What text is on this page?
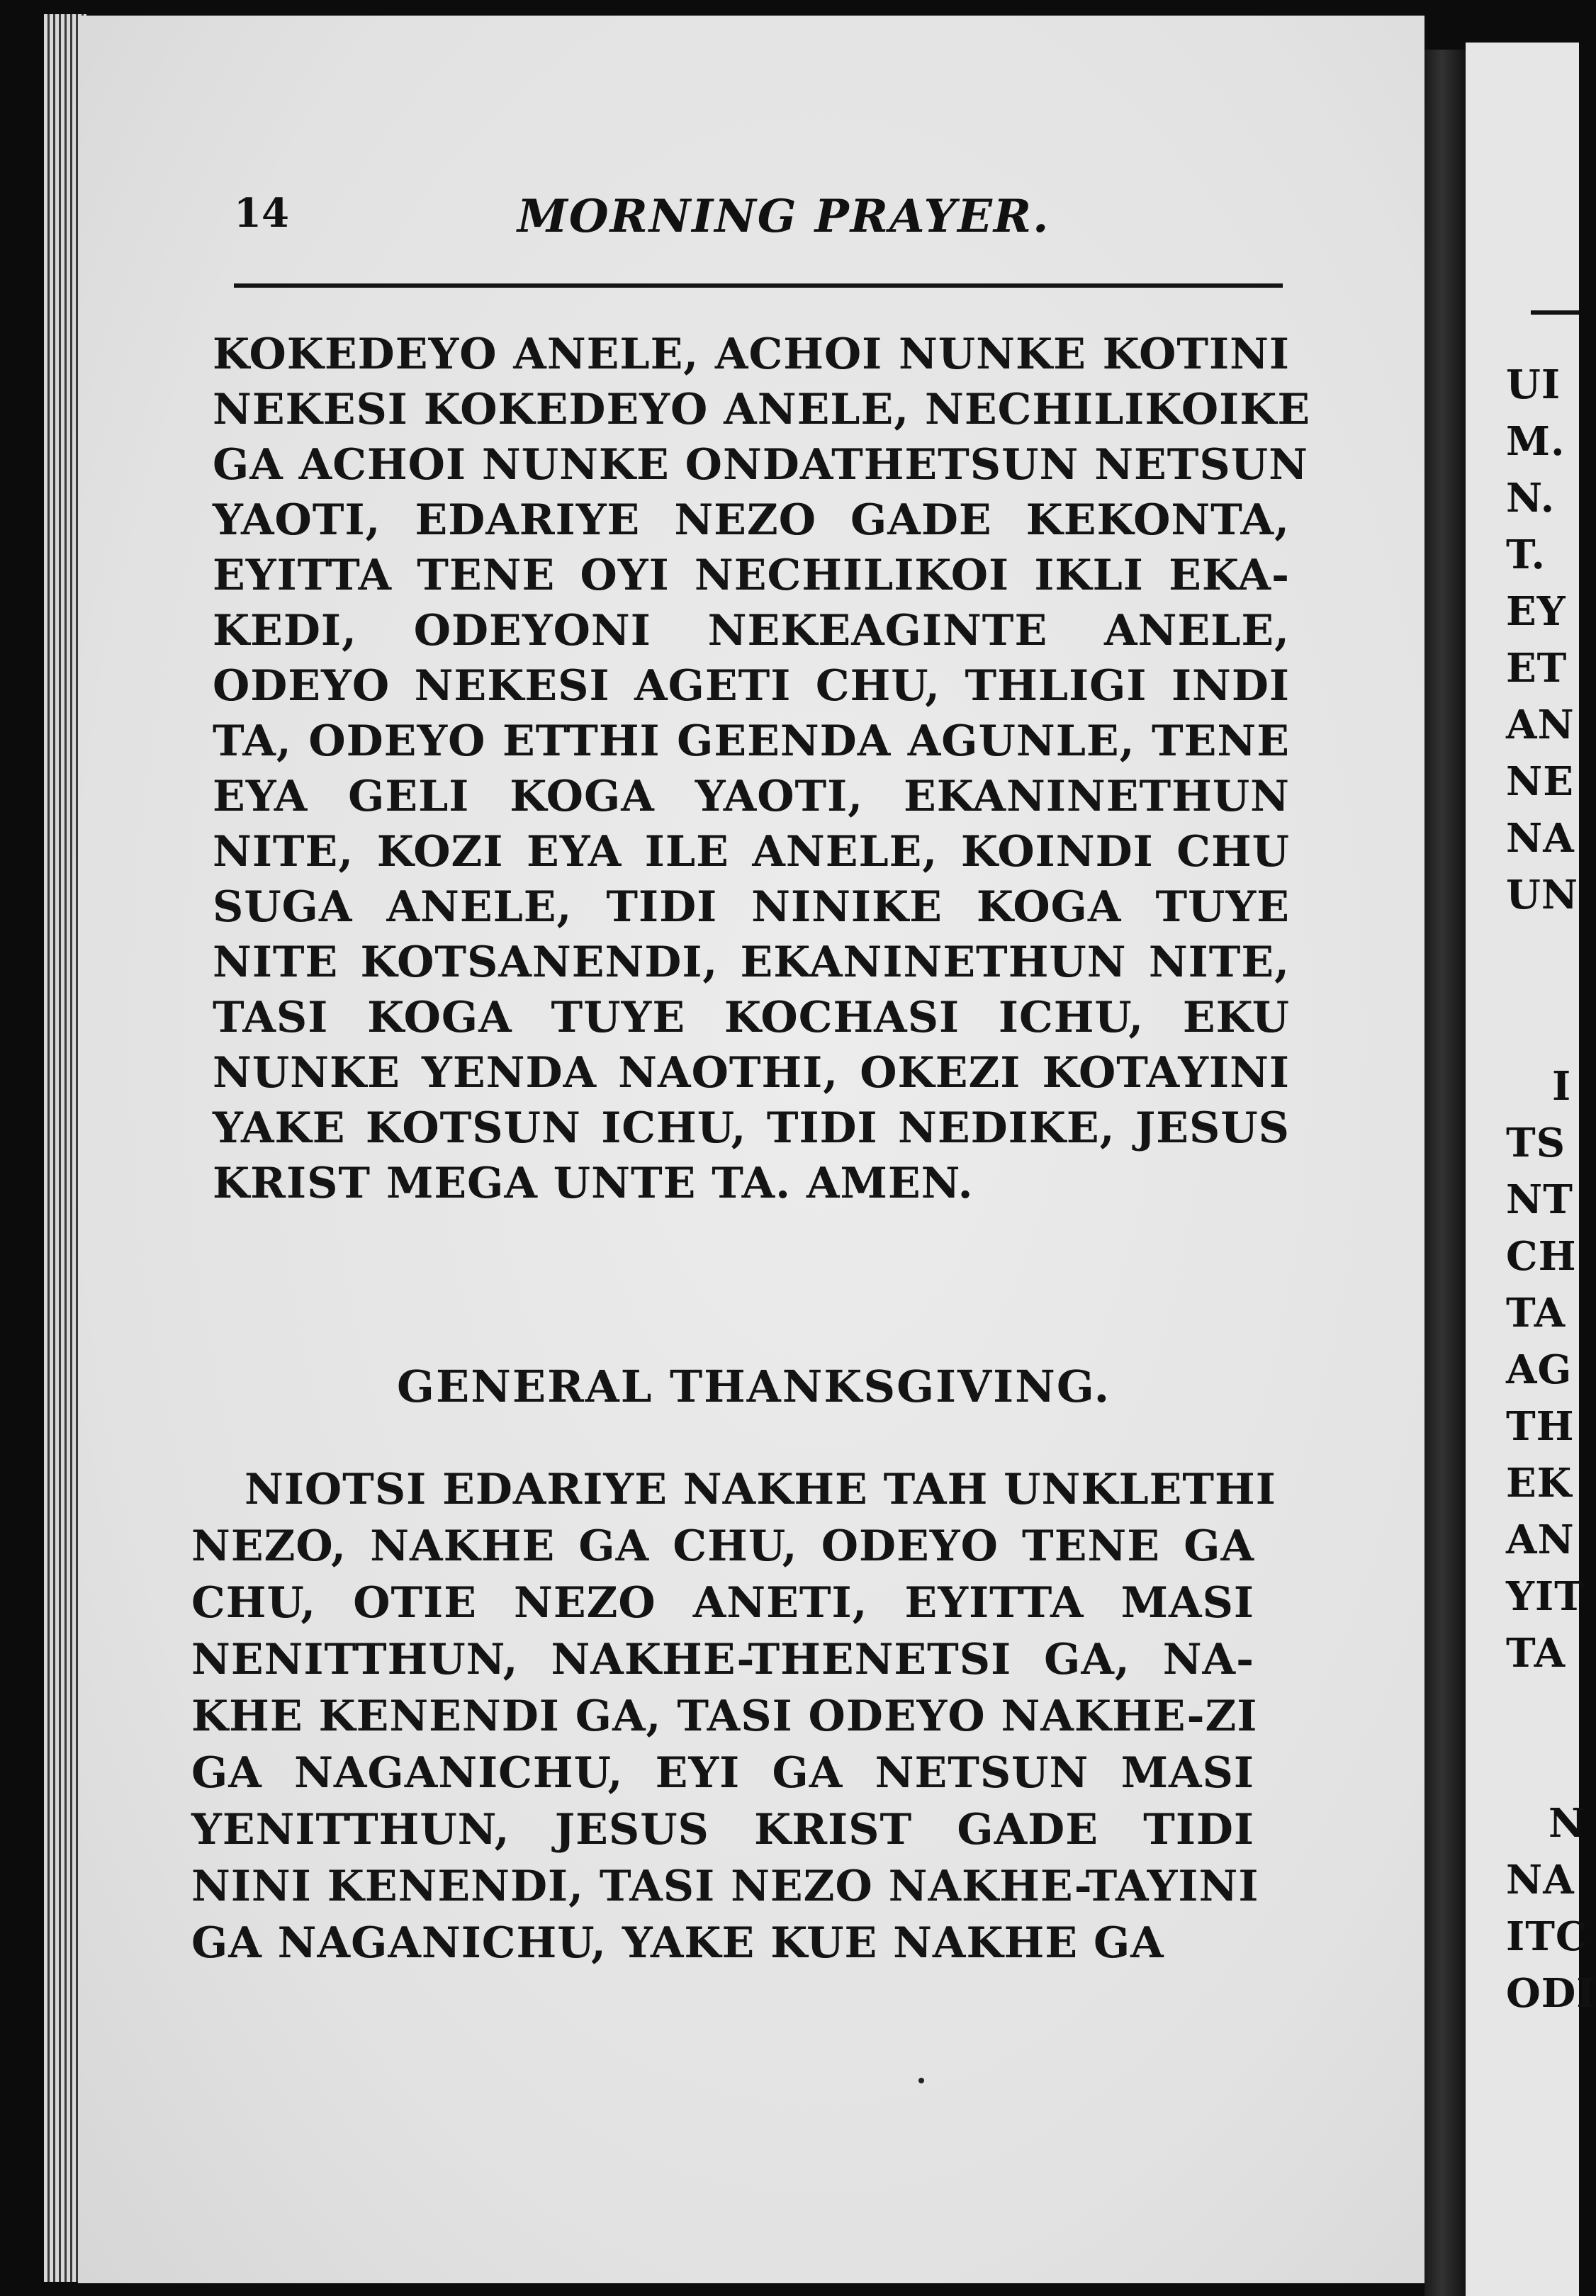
14	MORNING PRAYER.

KOKEDEYO ANELE, ACHOI NUNKE KOTINI

NEKESI KOKEDEYO ANELE, NECHILIKOIKE

GA ACHOI NUNKE ONDATHETSUN NETSUN

YAOTI, EDARIYE NEZO GADE KEKONTA,

EYITTA TENE OYI NECHILIKOI IKLI EKA-

KEDI, ODEYONI NEKEAGINTE ANELE,

ODEYO NEKESI AGETI CHU, THLIGI INDI

TA, ODEYO ETTHI GEENDA AGUNLE, TENE

EYA GELI KOGA YAOTI, EKANINETHUN

NITE, KOZI EYA ILE ANELE, KOINDI CHU

SUGA ANELE, TIDI NINIKE KOGA TUYE

NITE KOTSANENDI, EKANINETHUN NITE,

TASI KOGA TUYE KOCHASI ICHU, EKU

NUNKE YENDA NAOTHI, OKEZI KOTAYINI

YAKE KOTSUN ICHU, TIDI NEDIKE, JESUS

KRIST MEGA UNTE TA. AMEN.

GENERAL THANKSGIVING.

NIOTSI EDARIYE NAKHE TAH UNKLETHI

NEZO, NAKHE GA CHU, ODEYO TENE GA

CHU, OTIE NEZO ANETI, EYITTA MASI

NENITTHUN, NAKHE-THENETSI GA, NA-

KHE KENENDI GA, TASI ODEYO NAKHE-ZI

GA NAGANICHU, EYI GA NETSUN MASI

YENITTHUN, JESUS KRIST GADE TIDI

NINI KENENDI, TASI NEZO NAKHE-TAYINI

GA NAGANICHU, YAKE KUE NAKHE GA

UI

M.

N.

T.

EY

ET

AN

NE

NA

UN

I

TS

NT

CH

TA

AG

TH

EK

AN

YIT

TA

N

NA

ITC

ODI
